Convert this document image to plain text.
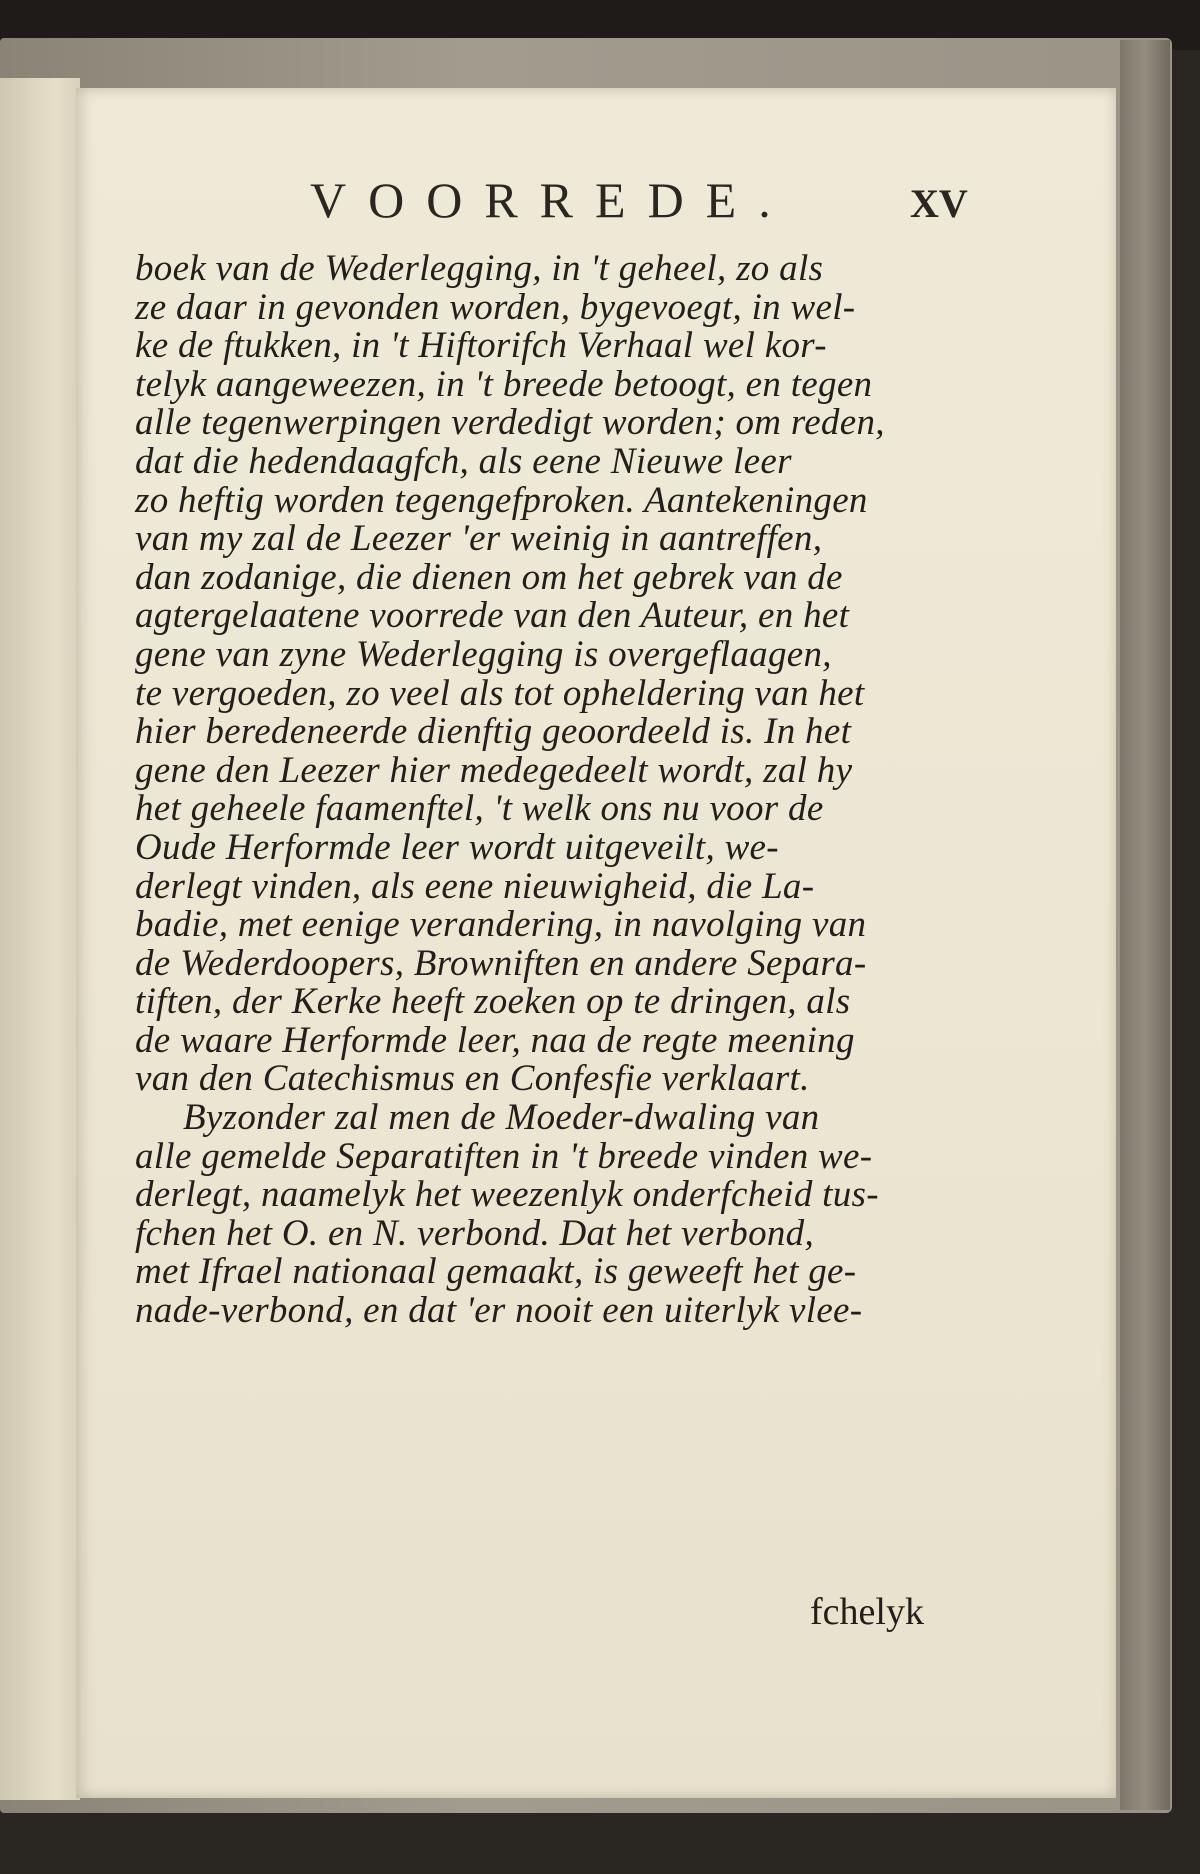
VOORREDE.	XV
boek van de Wederlegging, in 't geheel, zo als
ze daar in gevonden worden, bygevoegt, in wel-
ke de ftukken, in 't Hiftorifch Verhaal wel kor-
telyk aangeweezen, in 't breede betoogt, en tegen
alle tegenwerpingen verdedigt worden; om reden,
dat die hedendaagfch, als eene Nieuwe leer
zo heftig worden tegengefproken. Aantekeningen
van my zal de Leezer 'er weinig in aantreffen,
dan zodanige, die dienen om het gebrek van de
agtergelaatene voorrede van den Auteur, en het
gene van zyne Wederlegging is overgeflaagen,
te vergoeden, zo veel als tot opheldering van het
hier beredeneerde dienftig geoordeeld is. In het
gene den Leezer hier medegedeelt wordt, zal hy
het geheele faamenftel, 't welk ons nu voor de
Oude Herformde leer wordt uitgeveilt, we-
derlegt vinden, als eene nieuwigheid, die La-
badie, met eenige verandering, in navolging van
de Wederdoopers, Browniften en andere Separa-
tiften, der Kerke heeft zoeken op te dringen, als
de waare Herformde leer, naa de regte meening
van den Catechismus en Confesfie verklaart.
Byzonder zal men de Moeder-dwaling van
alle gemelde Separatiften in 't breede vinden we-
derlegt, naamelyk het weezenlyk onderfcheid tus-
fchen het O. en N. verbond. Dat het verbond,
met Ifrael nationaal gemaakt, is geweeft het ge-
nade-verbond, en dat 'er nooit een uiterlyk vlee-
fchelyk
